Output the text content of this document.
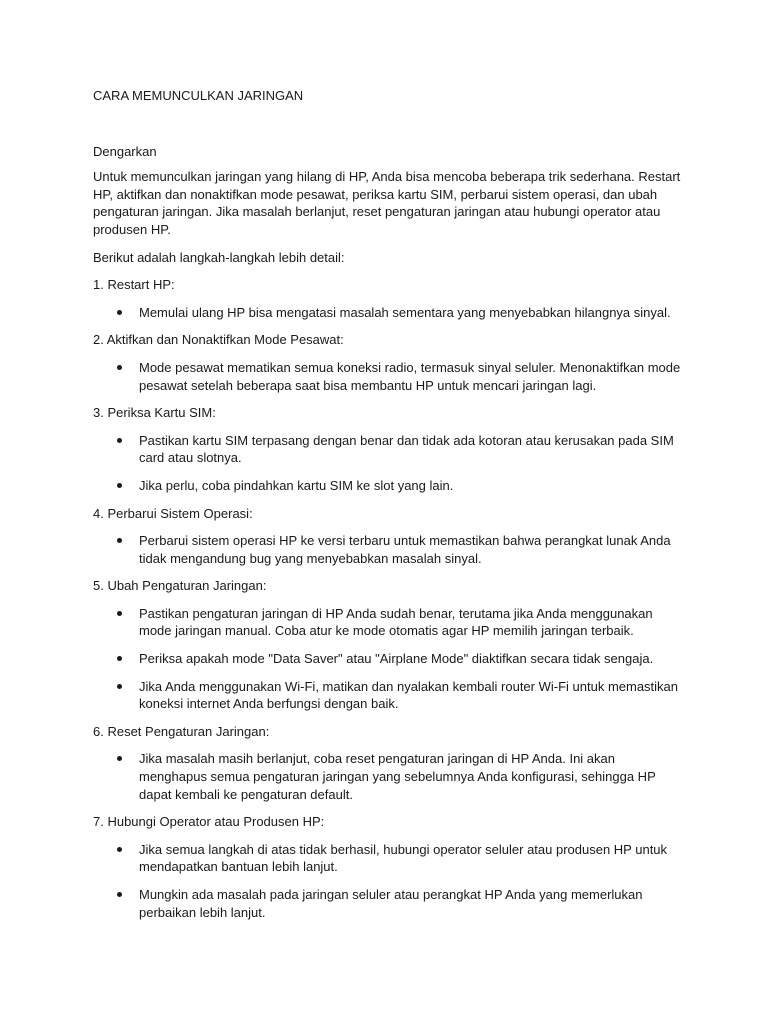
CARA MEMUNCULKAN JARINGAN
Dengarkan

Untuk memunculkan jaringan yang hilang di HP, Anda bisa mencoba beberapa trik sederhana. Restart HP, aktifkan dan nonaktifkan mode pesawat, periksa kartu SIM, perbarui sistem operasi, dan ubah pengaturan jaringan. Jika masalah berlanjut, reset pengaturan jaringan atau hubungi operator atau produsen HP.

Berikut adalah langkah-langkah lebih detail:

1. Restart HP:
Memulai ulang HP bisa mengatasi masalah sementara yang menyebabkan hilangnya sinyal.
2. Aktifkan dan Nonaktifkan Mode Pesawat:
Mode pesawat mematikan semua koneksi radio, termasuk sinyal seluler. Menonaktifkan mode pesawat setelah beberapa saat bisa membantu HP untuk mencari jaringan lagi.
3. Periksa Kartu SIM:
Pastikan kartu SIM terpasang dengan benar dan tidak ada kotoran atau kerusakan pada SIM card atau slotnya.
Jika perlu, coba pindahkan kartu SIM ke slot yang lain.
4. Perbarui Sistem Operasi:
Perbarui sistem operasi HP ke versi terbaru untuk memastikan bahwa perangkat lunak Anda tidak mengandung bug yang menyebabkan masalah sinyal.
5. Ubah Pengaturan Jaringan:
Pastikan pengaturan jaringan di HP Anda sudah benar, terutama jika Anda menggunakan mode jaringan manual. Coba atur ke mode otomatis agar HP memilih jaringan terbaik.
Periksa apakah mode "Data Saver" atau "Airplane Mode" diaktifkan secara tidak sengaja.
Jika Anda menggunakan Wi-Fi, matikan dan nyalakan kembali router Wi-Fi untuk memastikan koneksi internet Anda berfungsi dengan baik.
6. Reset Pengaturan Jaringan:
Jika masalah masih berlanjut, coba reset pengaturan jaringan di HP Anda. Ini akan menghapus semua pengaturan jaringan yang sebelumnya Anda konfigurasi, sehingga HP dapat kembali ke pengaturan default.
7. Hubungi Operator atau Produsen HP:
Jika semua langkah di atas tidak berhasil, hubungi operator seluler atau produsen HP untuk mendapatkan bantuan lebih lanjut.
Mungkin ada masalah pada jaringan seluler atau perangkat HP Anda yang memerlukan perbaikan lebih lanjut.
